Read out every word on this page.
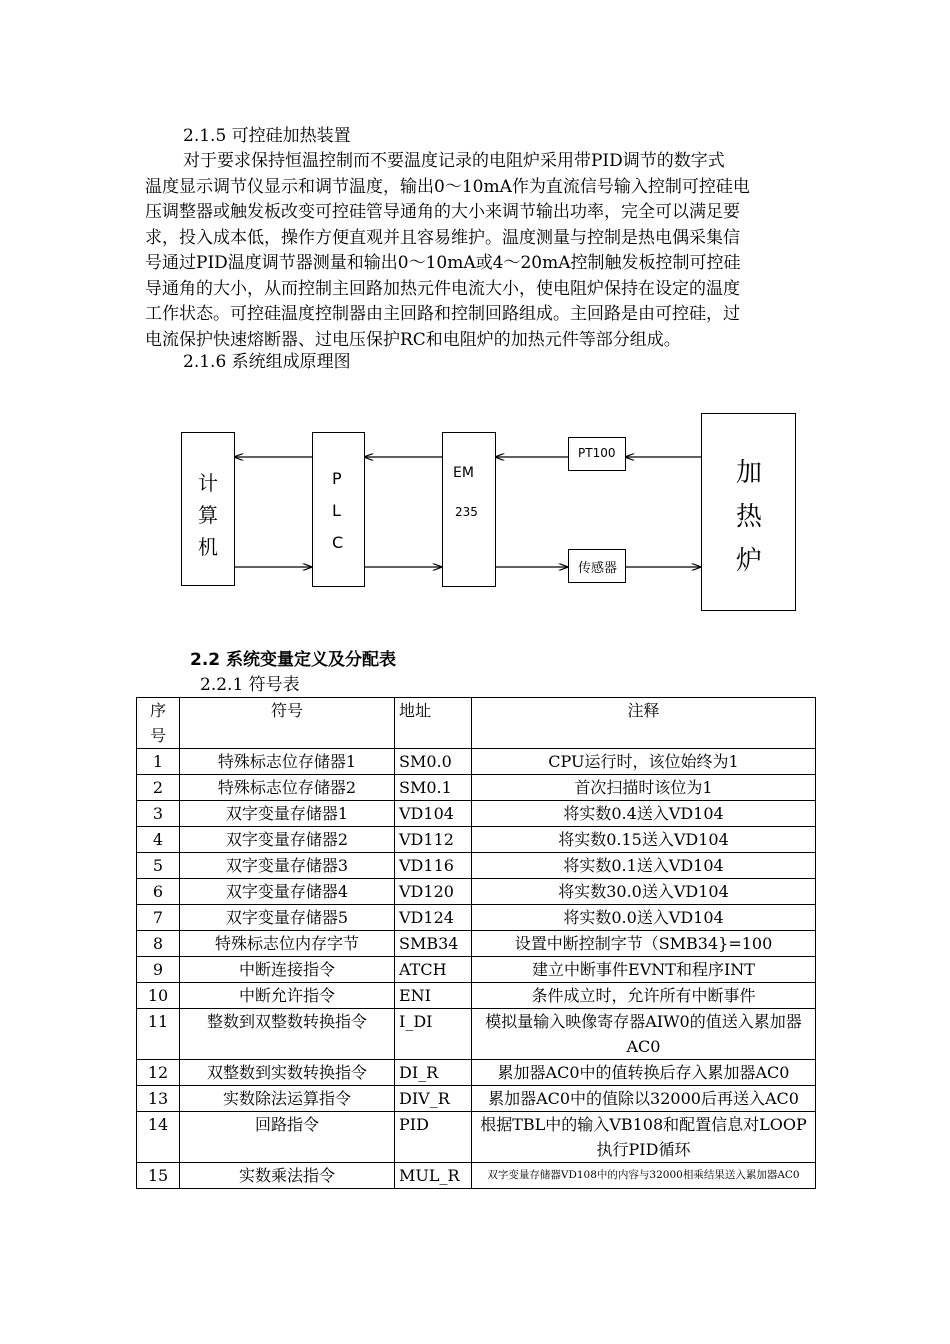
2.1.5 可控硅加热装置
对于要求保持恒温控制而不要温度记录的电阻炉采用带PID调节的数字式
温度显示调节仪显示和调节温度，输出0～10mA作为直流信号输入控制可控硅电
压调整器或触发板改变可控硅管导通角的大小来调节输出功率，完全可以满足要
求，投入成本低，操作方便直观并且容易维护。温度测量与控制是热电偶采集信
号通过PID温度调节器测量和输出0～10mA或4～20mA控制触发板控制可控硅
导通角的大小，从而控制主回路加热元件电流大小，使电阻炉保持在设定的温度
工作状态。可控硅温度控制器由主回路和控制回路组成。主回路是由可控硅，过
电流保护快速熔断器、过电压保护RC和电阻炉的加热元件等部分组成。
2.1.6 系统组成原理图
计
算
机
P
L
C
EM
235
PT100
传感器
加
热
炉
2.2 系统变量定义及分配表
2.2.1 符号表
序
号	符号	地址	注释
1	特殊标志位存储器1	SM0.0	CPU运行时，该位始终为1
2	特殊标志位存储器2	SM0.1	首次扫描时该位为1
3	双字变量存储器1	VD104	将实数0.4送入VD104
4	双字变量存储器2	VD112	将实数0.15送入VD104
5	双字变量存储器3	VD116	将实数0.1送入VD104
6	双字变量存储器4	VD120	将实数30.0送入VD104
7	双字变量存储器5	VD124	将实数0.0送入VD104
8	特殊标志位内存字节	SMB34	设置中断控制字节（SMB34}=100
9	中断连接指令	ATCH	建立中断事件EVNT和程序INT
10	中断允许指令	ENI	条件成立时，允许所有中断事件
11	整数到双整数转换指令	I_DI	模拟量输入映像寄存器AIW0的值送入累加器AC0
12	双整数到实数转换指令	DI_R	累加器AC0中的值转换后存入累加器AC0
13	实数除法运算指令	DIV_R	累加器AC0中的值除以32000后再送入AC0
14	回路指令	PID	根据TBL中的输入VB108和配置信息对LOOP执行PID循环
15	实数乘法指令	MUL_R	双字变量存储器VD108中的内容与32000相乘结果送入累加器AC0
